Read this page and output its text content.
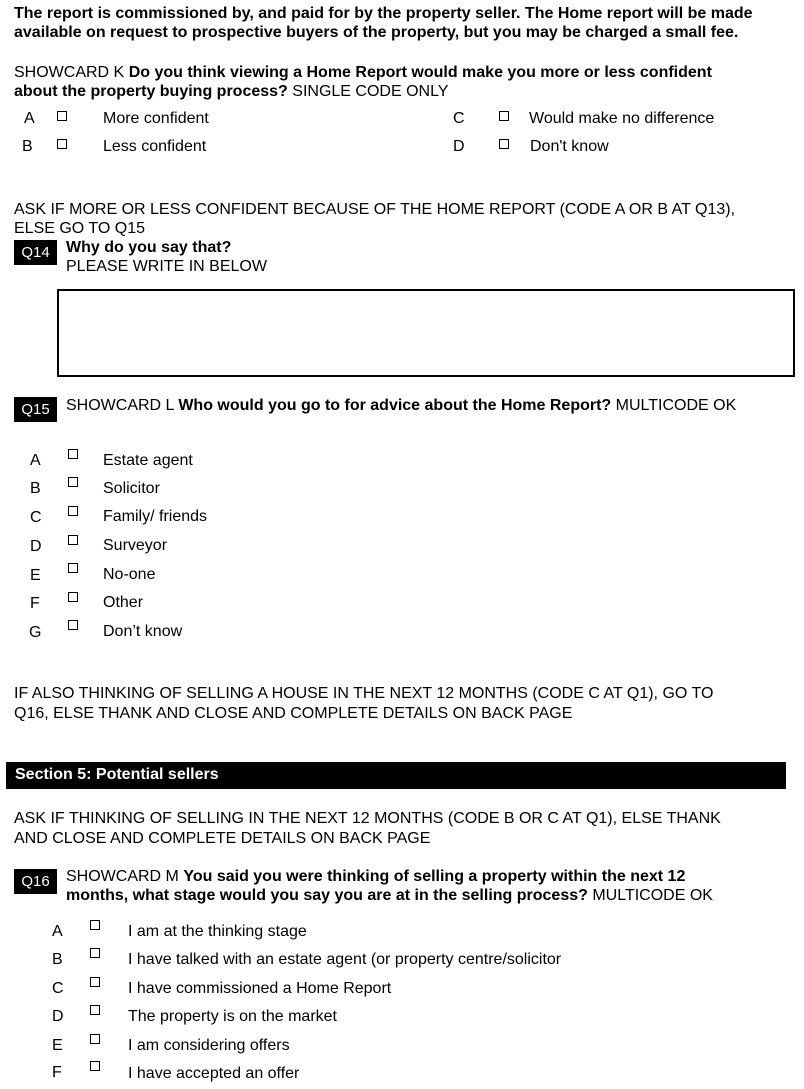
The report is commissioned by, and paid for by the property seller. The Home report will be made
available on request to prospective buyers of the property, but you may be charged a small fee.
SHOWCARD K Do you think viewing a Home Report would make you more or less confident
about the property buying process? SINGLE CODE ONLY
A	More confident
B	Less confident
C	Would make no difference
D	Don't know
ASK IF MORE OR LESS CONFIDENT BECAUSE OF THE HOME REPORT (CODE A OR B AT Q13),
ELSE GO TO Q15
Q14	Why do you say that?
PLEASE WRITE IN BELOW
Q15	SHOWCARD L Who would you go to for advice about the Home Report? MULTICODE OK
A	Estate agent
B	Solicitor
C	Family/ friends
D	Surveyor
E	No-one
F	Other
G	Don’t know
IF ALSO THINKING OF SELLING A HOUSE IN THE NEXT 12 MONTHS (CODE C AT Q1), GO TO
Q16, ELSE THANK AND CLOSE AND COMPLETE DETAILS ON BACK PAGE
Section 5: Potential sellers
ASK IF THINKING OF SELLING IN THE NEXT 12 MONTHS (CODE B OR C AT Q1), ELSE THANK
AND CLOSE AND COMPLETE DETAILS ON BACK PAGE
Q16	SHOWCARD M You said you were thinking of selling a property within the next 12
months, what stage would you say you are at in the selling process? MULTICODE OK
A	I am at the thinking stage
B	I have talked with an estate agent (or property centre/solicitor
C	I have commissioned a Home Report
D	The property is on the market
E	I am considering offers
F	I have accepted an offer
